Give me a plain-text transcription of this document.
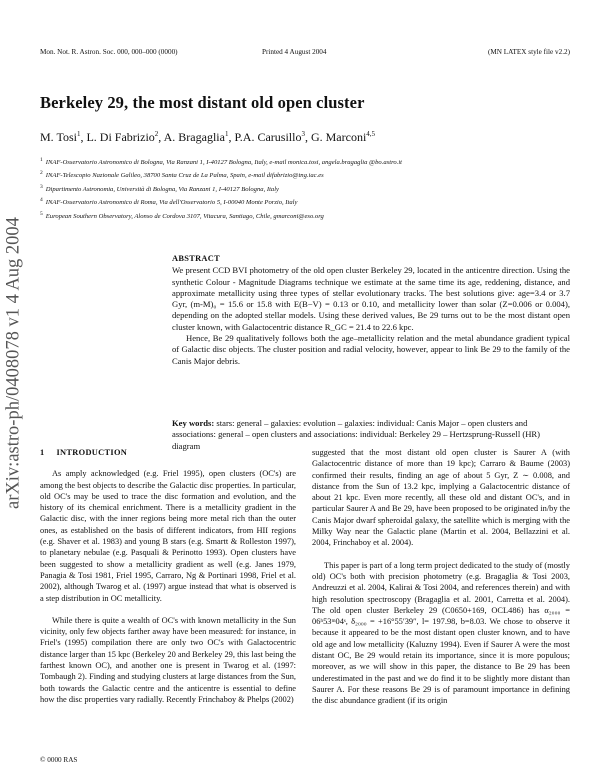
Mon. Not. R. Astron. Soc. 000, 000–000 (0000)	Printed 4 August 2004	(MN LATEX style file v2.2)
Berkeley 29, the most distant old open cluster
M. Tosi$^1$, L. Di Fabrizio$^2$, A. Bragaglia$^1$, P.A. Carusillo$^3$, G. Marconi$^{4,5}$
$^1$ INAF-Osservatorio Astronomico di Bologna, Via Ranzani 1, I-40127 Bologna, Italy, e-mail monica.tosi, angela.bragaglia @bo.astro.it
$^2$ INAF-Telescopio Nazionale Galileo, 38700 Santa Cruz de La Palma, Spain, e-mail difabrizio@tng.iac.es
$^3$ Dipartimento Astronomia, Università di Bologna, Via Ranzani 1, I-40127 Bologna, Italy
$^4$ INAF-Osservatorio Astronomico di Roma, Via dell'Osservatorio 5, I-00040 Monte Porzio, Italy
$^5$ European Southern Observatory, Alonso de Cordova 3107, Vitacura, Santiago, Chile, gmarconi@eso.org
arXiv:astro-ph/0408078 v1 4 Aug 2004	ABSTRACT

We present CCD BVI photometry of the old open cluster Berkeley 29, located in the anticentre direction. Using the synthetic Colour - Magnitude Diagrams technique we estimate at the same time its age, reddening, distance, and approximate metallicity using three types of stellar evolutionary tracks. The best solutions give: age=3.4 or 3.7 Gyr, (m-M)₀ = 15.6 or 15.8 with E(B−V) = 0.13 or 0.10, and metallicity lower than solar (Z=0.006 or 0.004), depending on the adopted stellar models. Using these derived values, Be 29 turns out to be the most distant open cluster known, with Galactocentric distance R_GC = 21.4 to 22.6 kpc.

Hence, Be 29 qualitatively follows both the age–metallicity relation and the metal abundance gradient typical of Galactic disc objects. The cluster position and radial velocity, however, appear to link Be 29 to the family of the Canis Major debris.

Key words: stars: general – galaxies: evolution – galaxies: individual: Canis Major – open clusters and associations: general – open clusters and associations: individual: Berkeley 29 – Hertzsprung-Russell (HR) diagram
1 INTRODUCTION

As amply acknowledged (e.g. Friel 1995), open clusters (OC's) are among the best objects to describe the Galactic disc properties. In particular, old OC's may be used to trace the disc formation and evolution, and the history of its chemical enrichment. There is a metallicity gradient in the Galactic disc, with the inner regions being more metal rich than the outer ones, as established on the basis of different indicators, from HII regions (e.g. Shaver et al. 1983) and young B stars (e.g. Smartt & Rolleston 1997), to planetary nebulae (e.g. Pasquali & Perinotto 1993). Open clusters have been suggested to show a metallicity gradient as well (e.g. Janes 1979, Panagia & Tosi 1981, Friel 1995, Carraro, Ng & Portinari 1998, Friel et al. 2002), although Twarog et al. (1997) argue instead that what is observed is a step distribution in OC metallicity.

While there is quite a wealth of OC's with known metallicity in the Sun vicinity, only few objects farther away have been measured: for instance, in Friel's (1995) compilation there are only two OC's with Galactocentric distance larger than 15 kpc (Berkeley 20 and Berkeley 29, this last being the farthest known OC), and another one is present in Twarog et al. (1997: Tombaugh 2). Finding and studying clusters at large distances from the Sun, both towards the Galactic centre and the anticentre is essential to define how the disc properties vary radially. Recently Frinchaboy & Phelps (2002)

suggested that the most distant old open cluster is Saurer A (with Galactocentric distance of more than 19 kpc); Carraro & Baume (2003) confirmed their results, finding an age of about 5 Gyr, Z ∼ 0.008, and distance from the Sun of 13.2 kpc, implying a Galactocentric distance of about 21 kpc. Even more recently, all these old and distant OC's, and in particular Saurer A and Be 29, have been proposed to be originated in/by the Canis Major dwarf spheroidal galaxy, the satellite which is merging with the Milky Way near the Galactic plane (Martin et al. 2004, Bellazzini et al. 2004, Frinchaboy et al. 2004).

This paper is part of a long term project dedicated to the study of (mostly old) OC's both with precision photometry (e.g. Bragaglia & Tosi 2003, Andreuzzi et al. 2004, Kalirai & Tosi 2004, and references therein) and with high resolution spectroscopy (Bragaglia et al. 2001, Carretta et al. 2004). The old open cluster Berkeley 29 (C0650+169, OCL486) has α₂₀₀₀ = 06ʰ53ᵐ04ˢ, δ₂₀₀₀ = +16°55′39″, l= 197.98, b=8.03. We chose to observe it because it appeared to be the most distant open cluster known, and to have old age and low metallicity (Kaluzny 1994). Even if Saurer A were the most distant OC, Be 29 would retain its importance, since it is more populous; moreover, as we will show in this paper, the distance to Be 29 has been underestimated in the past and we do find it to be slightly more distant than Saurer A. For these reasons Be 29 is of paramount importance in defining the disc abundance gradient (if its origin

© 0000 RAS
